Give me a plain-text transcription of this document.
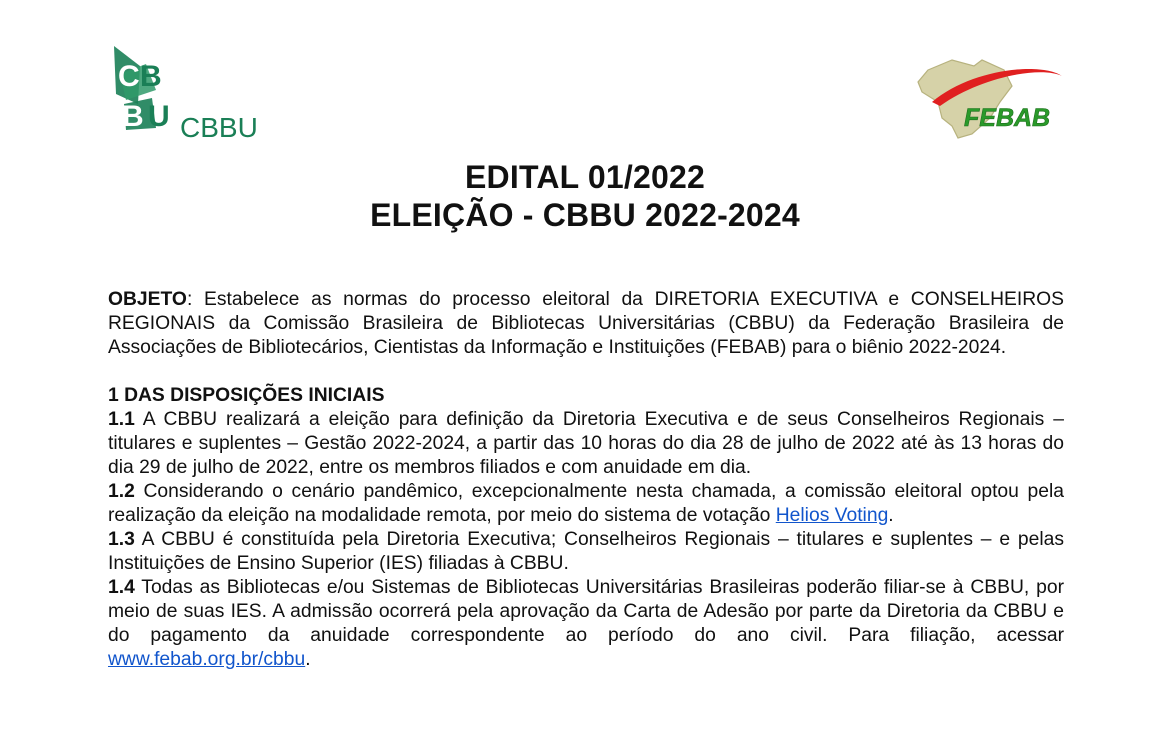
C B
B U CBBU	FEBAB
EDITAL 01/2022
ELEIÇÃO - CBBU 2022-2024

OBJETO: Estabelece as normas do processo eleitoral da DIRETORIA EXECUTIVA e CONSELHEIROS REGIONAIS da Comissão Brasileira de Bibliotecas Universitárias (CBBU) da Federação Brasileira de Associações de Bibliotecários, Cientistas da Informação e Instituições (FEBAB) para o biênio 2022-2024.

1 DAS DISPOSIÇÕES INICIAIS

1.1 A CBBU realizará a eleição para definição da Diretoria Executiva e de seus Conselheiros Regionais – titulares e suplentes – Gestão 2022-2024, a partir das 10 horas do dia 28 de julho de 2022 até às 13 horas do dia 29 de julho de 2022, entre os membros filiados e com anuidade em dia.

1.2 Considerando o cenário pandêmico, excepcionalmente nesta chamada, a comissão eleitoral optou pela realização da eleição na modalidade remota, por meio do sistema de votação Helios Voting.

1.3 A CBBU é constituída pela Diretoria Executiva; Conselheiros Regionais – titulares e suplentes – e pelas Instituições de Ensino Superior (IES) filiadas à CBBU.

1.4 Todas as Bibliotecas e/ou Sistemas de Bibliotecas Universitárias Brasileiras poderão filiar-se à CBBU, por meio de suas IES. A admissão ocorrerá pela aprovação da Carta de Adesão por parte da Diretoria da CBBU e do pagamento da anuidade correspondente ao período do ano civil. Para filiação, acessar www.febab.org.br/cbbu.
